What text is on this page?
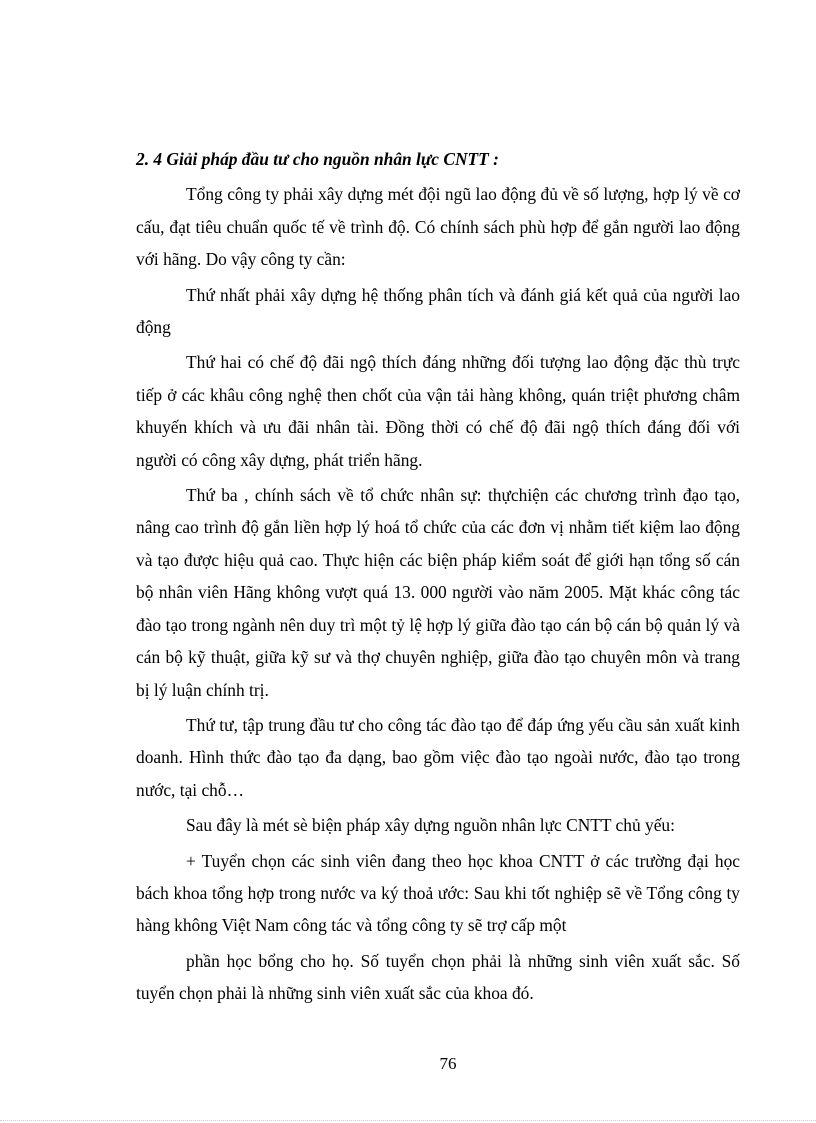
2. 4 Giải pháp đầu tư cho nguồn nhân lực CNTT :

Tổng công ty phải xây dựng mét đội ngũ lao động đủ về số lượng, hợp lý về cơ cấu, đạt tiêu chuẩn quốc tế về trình độ. Có chính sách phù hợp để gắn người lao động với hãng. Do vậy công ty cần:

Thứ nhất phải xây dựng hệ thống phân tích và đánh giá kết quả của người lao động

Thứ hai có chế độ đãi ngộ thích đáng những đối tượng lao động đặc thù trực tiếp ở các khâu công nghệ then chốt của vận tải hàng không, quán triệt phương châm khuyến khích và ưu đãi nhân tài. Đồng thời có chế độ đãi ngộ thích đáng đối với người có công xây dựng, phát triển hãng.

Thứ ba , chính sách về tổ chức nhân sự: thựchiện các chương trình đạo tạo, nâng cao trình độ gắn liền hợp lý hoá tổ chức của các đơn vị nhằm tiết kiệm lao động và tạo được hiệu quả cao. Thực hiện các biện pháp kiểm soát để giới hạn tổng số cán bộ nhân viên Hãng không vượt quá 13. 000 người vào năm 2005. Mặt khác công tác đào tạo trong ngành nên duy trì một tỷ lệ hợp lý giữa đào tạo cán bộ cán bộ quản lý và cán bộ kỹ thuật, giữa kỹ sư và thợ chuyên nghiệp, giữa đào tạo chuyên môn và trang bị lý luận chính trị.

Thứ tư, tập trung đầu tư cho công tác đào tạo để đáp ứng yếu cầu sản xuất kinh doanh. Hình thức đào tạo đa dạng, bao gồm việc đào tạo ngoài nước, đào tạo trong nước, tại chỗ…

Sau đây là mét sè biện pháp xây dựng nguồn nhân lực CNTT chủ yếu:

+ Tuyển chọn các sinh viên đang theo học khoa CNTT ở các trường đại học bách khoa tổng hợp trong nước va ký thoả ước: Sau khi tốt nghiệp sẽ về Tổng công ty hàng không Việt Nam công tác và tổng công ty sẽ trợ cấp một

phần học bổng cho họ. Số tuyển chọn phải là những sinh viên xuất sắc. Số tuyển chọn phải là những sinh viên xuất sắc của khoa đó.

76
